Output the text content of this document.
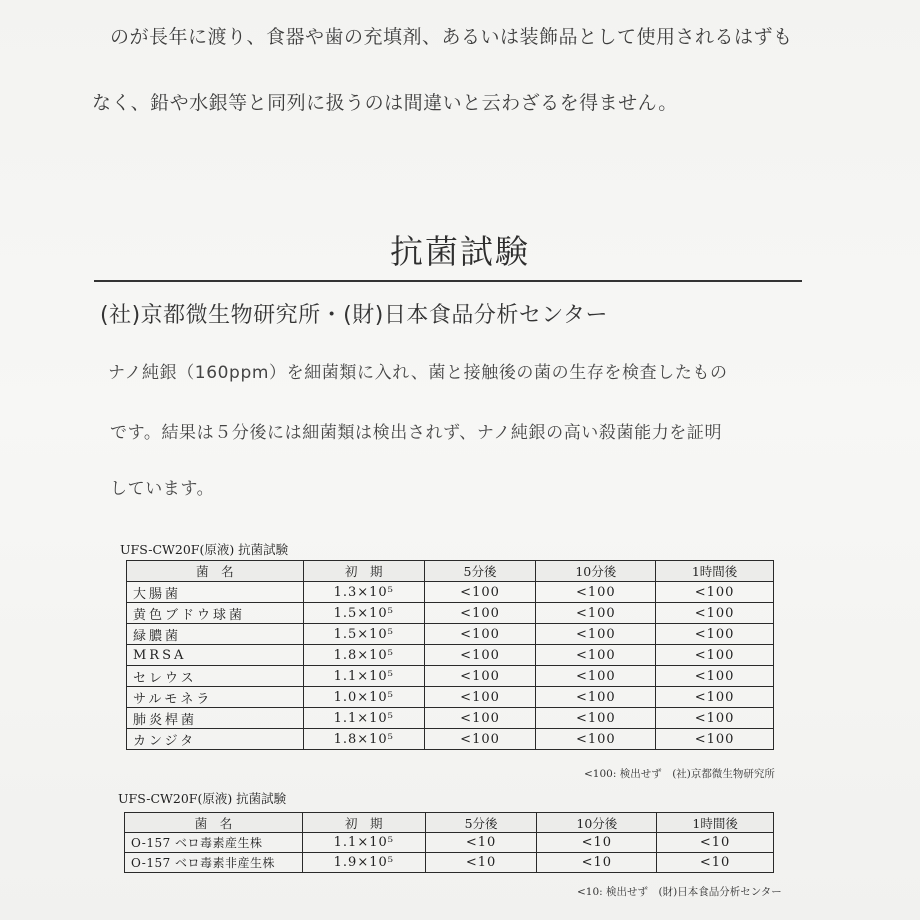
のが長年に渡り、食器や歯の充填剤、あるいは装飾品として使用されるはずも
なく、鉛や水銀等と同列に扱うのは間違いと云わざるを得ません。
抗菌試験
(社)京都微生物研究所・(財)日本食品分析センター
ナノ純銀（160ppm）を細菌類に入れ、菌と接触後の菌の生存を検査したもの
です。結果は５分後には細菌類は検出されず、ナノ純銀の高い殺菌能力を証明
しています。
UFS-CW20F(原液) 抗菌試験
菌　名	初　期	5分後	10分後	1時間後
大腸菌	1.3×10⁵	<100	<100	<100
黄色ブドウ球菌	1.5×10⁵	<100	<100	<100
緑膿菌	1.5×10⁵	<100	<100	<100
MRSA	1.8×10⁵	<100	<100	<100
セレウス	1.1×10⁵	<100	<100	<100
サルモネラ	1.0×10⁵	<100	<100	<100
肺炎桿菌	1.1×10⁵	<100	<100	<100
カンジタ	1.8×10⁵	<100	<100	<100
<100: 検出せず　(社)京都微生物研究所
UFS-CW20F(原液) 抗菌試験
菌　名	初　期	5分後	10分後	1時間後
O-157 ベロ毒素産生株	1.1×10⁵	<10	<10	<10
O-157 ベロ毒素非産生株	1.9×10⁵	<10	<10	<10
<10: 検出せず　(財)日本食品分析センター
